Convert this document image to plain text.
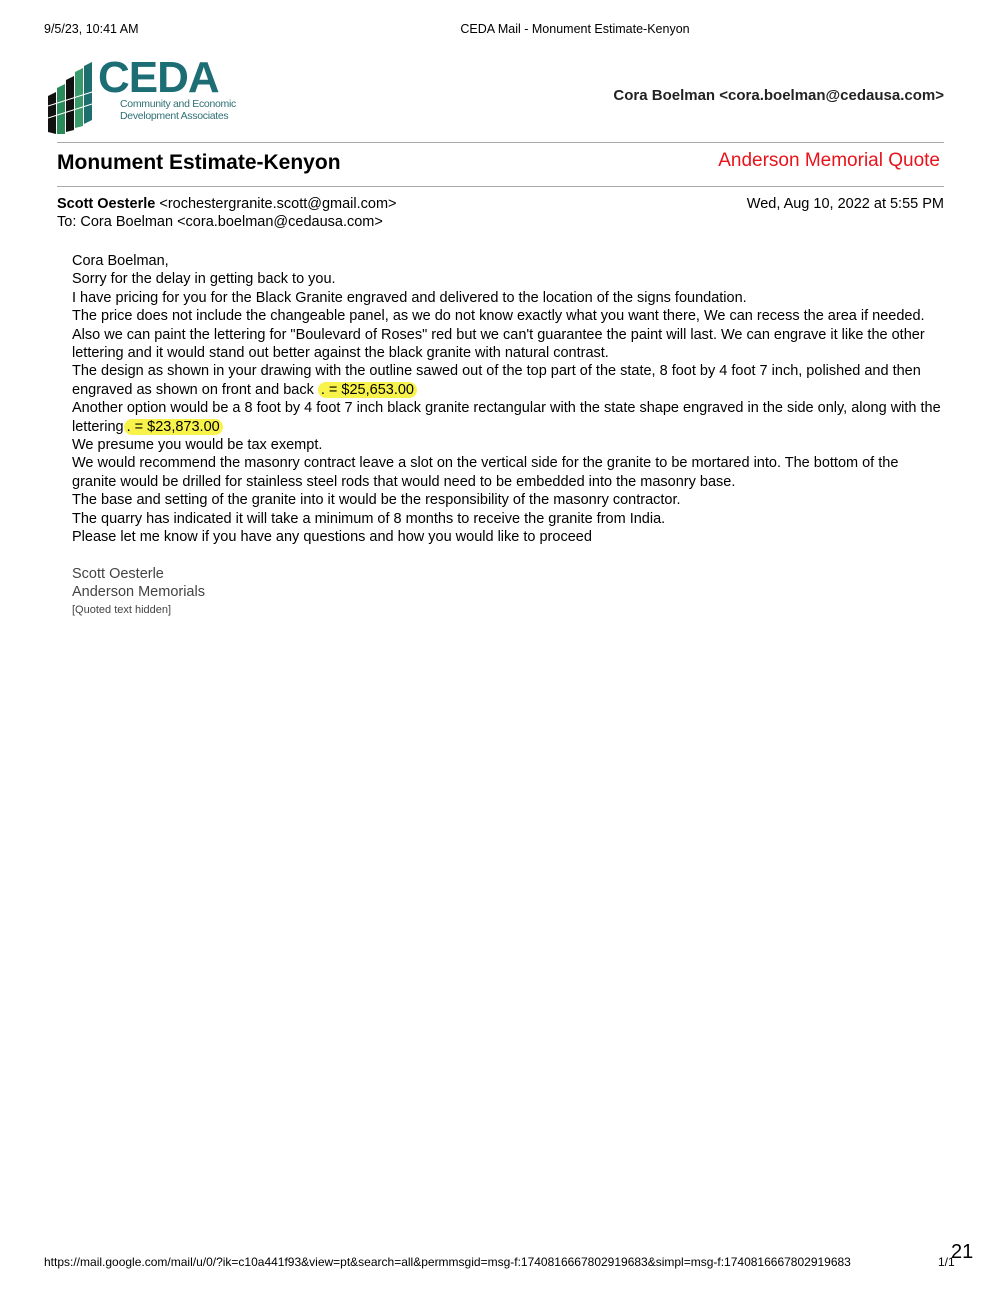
9/5/23, 10:41 AM	CEDA Mail - Monument Estimate-Kenyon
CEDA
Community and Economic
Development Associates
Cora Boelman <cora.boelman@cedausa.com>
Monument Estimate-Kenyon	Anderson Memorial Quote
Scott Oesterle <rochestergranite.scott@gmail.com>	Wed, Aug 10, 2022 at 5:55 PM
To: Cora Boelman <cora.boelman@cedausa.com>

Cora Boelman,

Sorry for the delay in getting back to you.

I have pricing for you for the Black Granite engraved and delivered to the location of the signs foundation.

The price does not include the changeable panel, as we do not know exactly what you want there, We can recess the area if needed. Also we can paint the lettering for "Boulevard of Roses" red but we can't guarantee the paint will last. We can engrave it like the other lettering and it would stand out better against the black granite with natural contrast.

The design as shown in your drawing with the outline sawed out of the top part of the state, 8 foot by 4 foot 7 inch, polished and then engraved as shown on front and back . = $25,653.00

Another option would be a 8 foot by 4 foot 7 inch black granite rectangular with the state shape engraved in the side only, along with the lettering . = $23,873.00

We presume you would be tax exempt.

We would recommend the masonry contract leave a slot on the vertical side for the granite to be mortared into. The bottom of the granite would be drilled for stainless steel rods that would need to be embedded into the masonry base.

The base and setting of the granite into it would be the responsibility of the masonry contractor.

The quarry has indicated it will take a minimum of 8 months to receive the granite from India.

Please let me know if you have any questions and how you would like to proceed

Scott Oesterle
Anderson Memorials
[Quoted text hidden]
https://mail.google.com/mail/u/0/?ik=c10a441f93&view=pt&search=all&permmsgid=msg-f:1740816667802919683&simpl=msg-f:1740816667802919683	1/1
21
